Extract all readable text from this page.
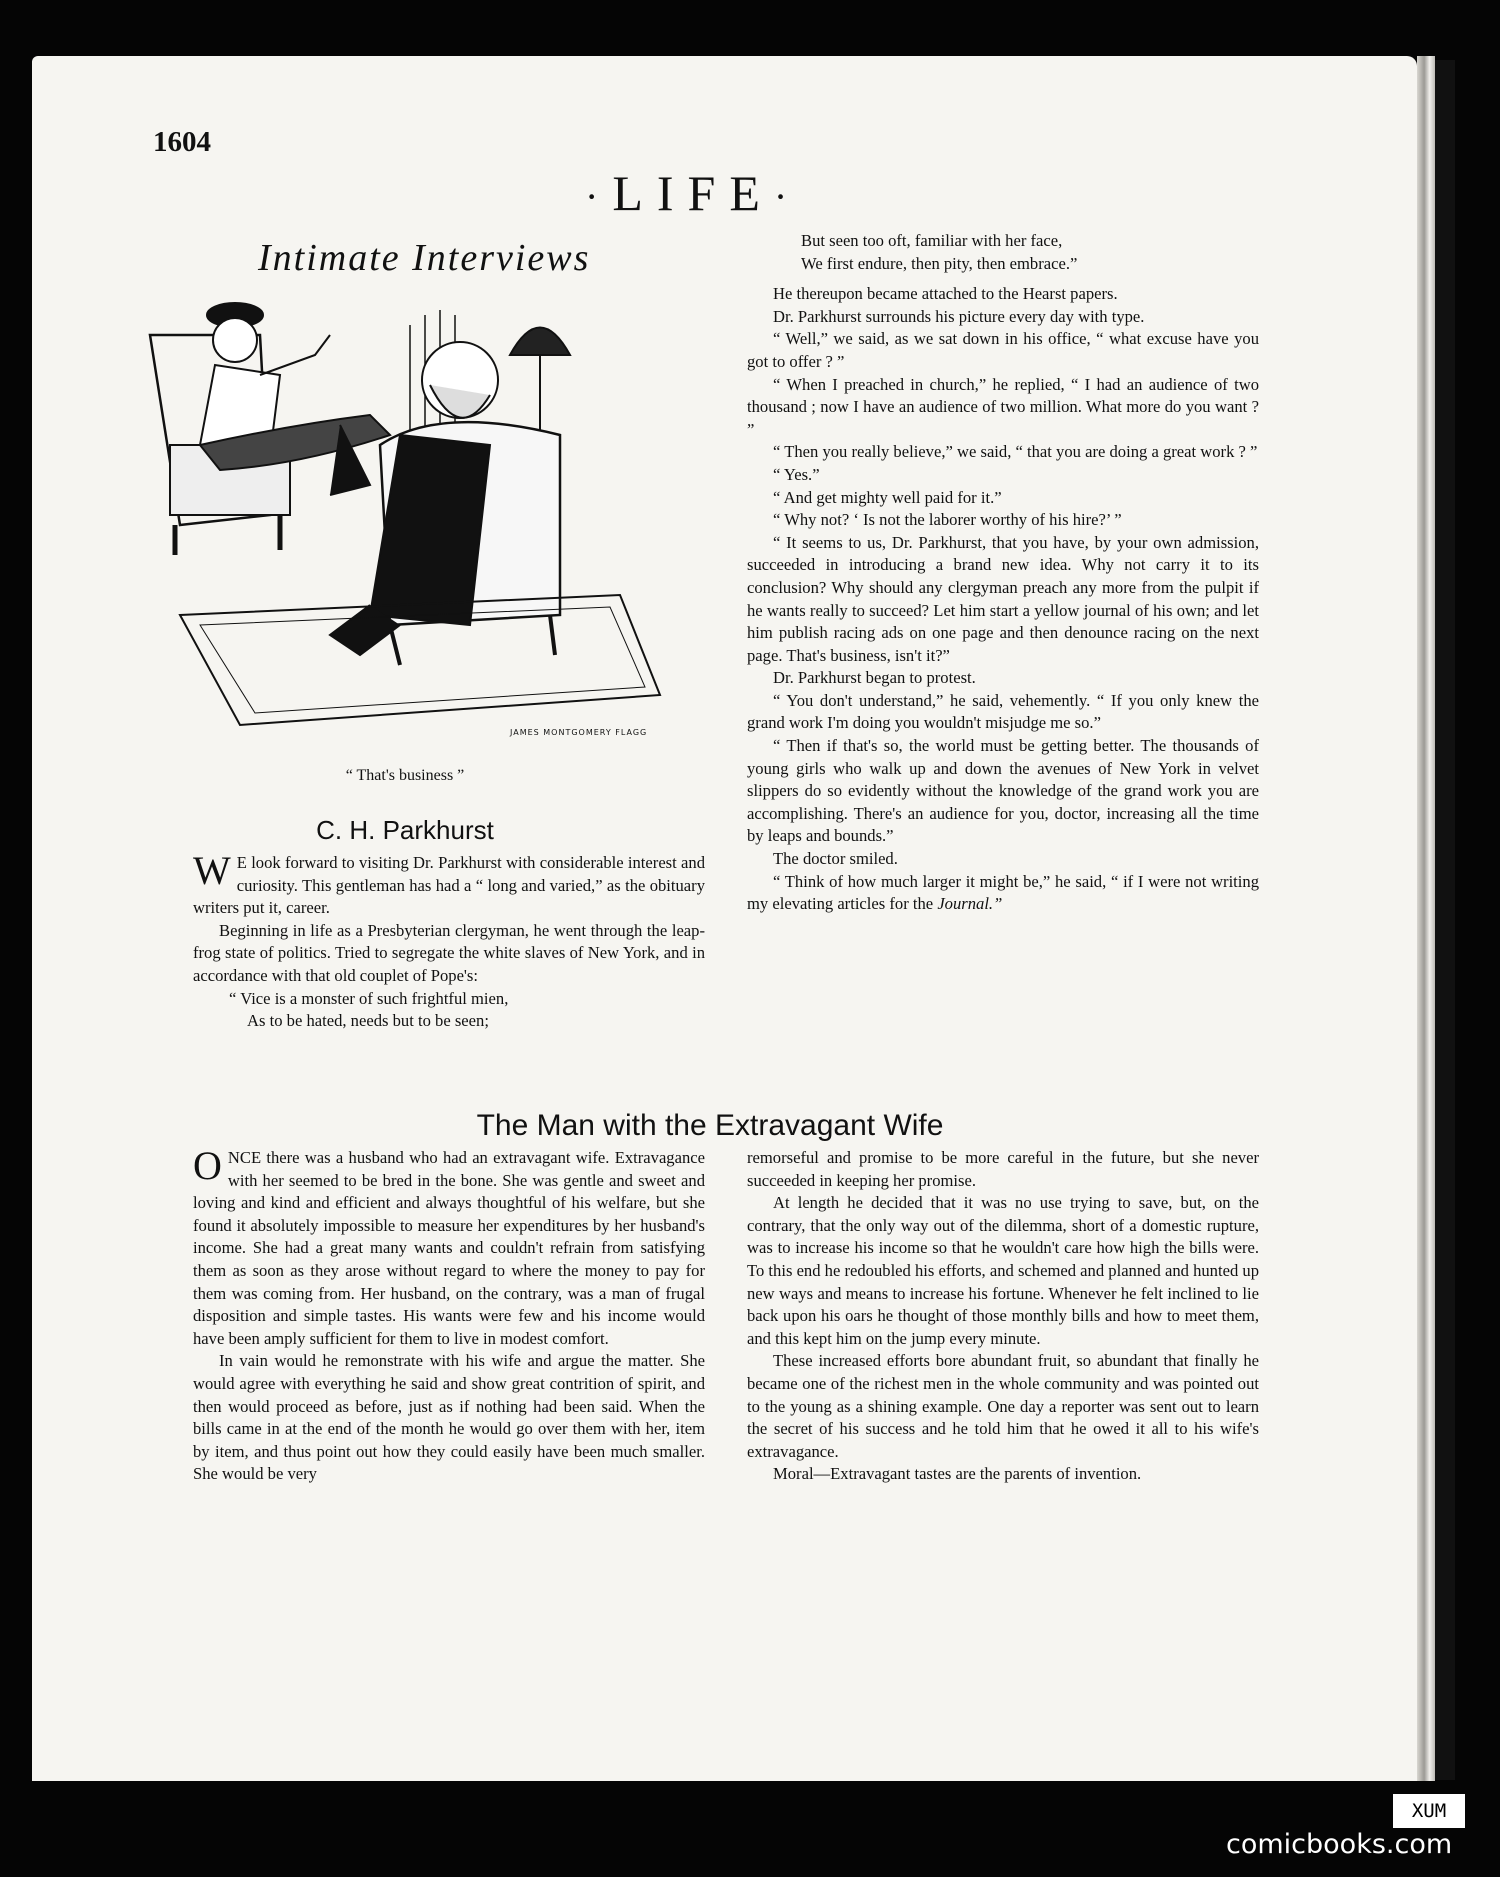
1604
·LIFE·
Intimate Interviews
JAMES MONTGOMERY FLAGG
“ That's business ”
C. H. Parkhurst

W E look forward to visiting Dr. Parkhurst with considerable interest and curiosity. This gentleman has had a “ long and varied,” as the obituary writers put it, career.

Beginning in life as a Presbyterian clergyman, he went through the leap-frog state of politics. Tried to segregate the white slaves of New York, and in accordance with that old couplet of Pope's:

“ Vice is a monster of such frightful mien,

As to be hated, needs but to be seen;

But seen too oft, familiar with her face,

We first endure, then pity, then embrace.”

He thereupon became attached to the Hearst papers.

Dr. Parkhurst surrounds his picture every day with type.

“ Well,” we said, as we sat down in his office, “ what excuse have you got to offer ? ”

“ When I preached in church,” he replied, “ I had an audience of two thousand ; now I have an audience of two million. What more do you want ? ”

“ Then you really believe,” we said, “ that you are doing a great work ? ”

“ Yes.”

“ And get mighty well paid for it.”

“ Why not? ‘ Is not the laborer worthy of his hire?’ ”

“ It seems to us, Dr. Parkhurst, that you have, by your own admission, succeeded in introducing a brand new idea. Why not carry it to its conclusion? Why should any clergyman preach any more from the pulpit if he wants really to succeed? Let him start a yellow journal of his own; and let him publish racing ads on one page and then denounce racing on the next page. That's business, isn't it?”

Dr. Parkhurst began to protest.

“ You don't understand,” he said, vehemently. “ If you only knew the grand work I'm doing you wouldn't misjudge me so.”

“ Then if that's so, the world must be getting better. The thousands of young girls who walk up and down the avenues of New York in velvet slippers do so evidently without the knowledge of the grand work you are accomplishing. There's an audience for you, doctor, increasing all the time by leaps and bounds.”

The doctor smiled.

“ Think of how much larger it might be,” he said, “ if I were not writing my elevating articles for the Journal.”

The Man with the Extravagant Wife

ONCE there was a husband who had an extravagant wife. Extravagance with her seemed to be bred in the bone. She was gentle and sweet and loving and kind and efficient and always thoughtful of his welfare, but she found it absolutely impossible to measure her expenditures by her husband's income. She had a great many wants and couldn't refrain from satisfying them as soon as they arose without regard to where the money to pay for them was coming from. Her husband, on the contrary, was a man of frugal disposition and simple tastes. His wants were few and his income would have been amply sufficient for them to live in modest comfort.

In vain would he remonstrate with his wife and argue the matter. She would agree with everything he said and show great contrition of spirit, and then would proceed as before, just as if nothing had been said. When the bills came in at the end of the month he would go over them with her, item by item, and thus point out how they could easily have been much smaller. She would be very

remorseful and promise to be more careful in the future, but she never succeeded in keeping her promise.

At length he decided that it was no use trying to save, but, on the contrary, that the only way out of the dilemma, short of a domestic rupture, was to increase his income so that he wouldn't care how high the bills were. To this end he redoubled his efforts, and schemed and planned and hunted up new ways and means to increase his fortune. Whenever he felt inclined to lie back upon his oars he thought of those monthly bills and how to meet them, and this kept him on the jump every minute.

These increased efforts bore abundant fruit, so abundant that finally he became one of the richest men in the whole community and was pointed out to the young as a shining example. One day a reporter was sent out to learn the secret of his success and he told him that he owed it all to his wife's extravagance.

Moral—Extravagant tastes are the parents of invention.

XUM
comicbooks.com
